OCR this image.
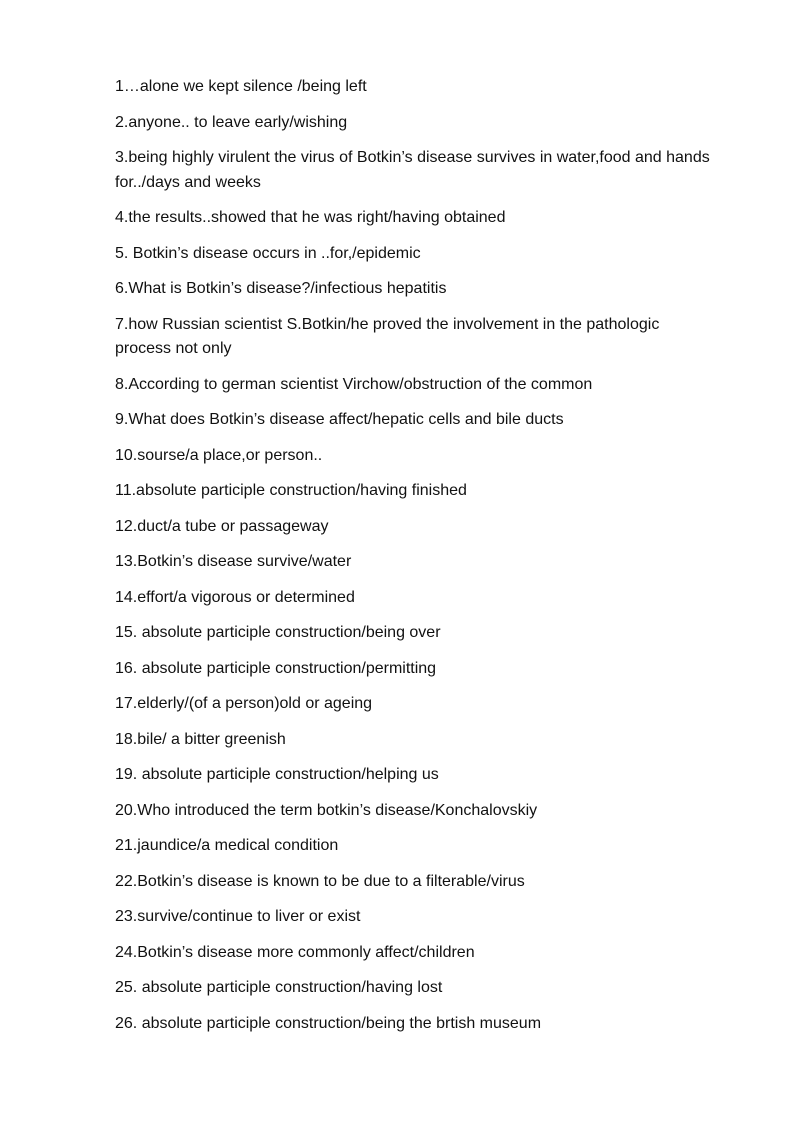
1…alone we kept silence /being left

2.anyone.. to leave early/wishing

3.being highly virulent the virus of Botkin’s disease survives in water,food and hands for../days and weeks

4.the results..showed that he was right/having obtained

5. Botkin’s disease occurs in ..for,/epidemic

6.What is Botkin’s disease?/infectious hepatitis

7.how Russian scientist S.Botkin/he proved the involvement in the pathologic process not only

8.According to german scientist Virchow/obstruction of the common

9.What does Botkin’s disease affect/hepatic cells and bile ducts

10.sourse/a place,or person..

11.absolute participle construction/having finished

12.duct/a tube or passageway

13.Botkin’s disease survive/water

14.effort/a vigorous or determined

15. absolute participle construction/being over

16. absolute participle construction/permitting

17.elderly/(of a person)old or ageing

18.bile/ a bitter greenish

19. absolute participle construction/helping us

20.Who introduced the term botkin’s disease/Konchalovskiy

21.jaundice/a medical condition

22.Botkin’s disease is known to be due to a filterable/virus

23.survive/continue to liver or exist

24.Botkin’s disease more commonly affect/children

25. absolute participle construction/having lost

26. absolute participle construction/being the brtish museum
